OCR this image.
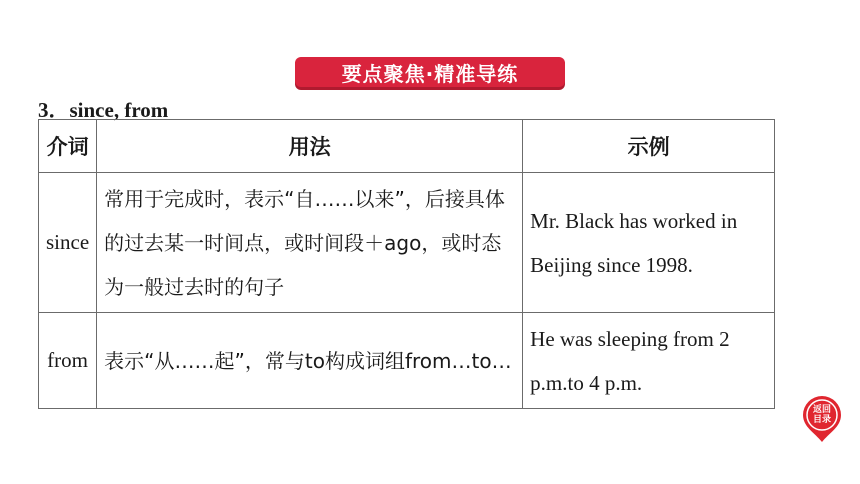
要点聚焦·精准导练
3．since, from
介词	用法	示例
since	常用于完成时，表示“自……以来”，后接具体的过去某一时间点，或时间段＋ago，或时态为一般过去时的句子	Mr. Black has worked in Beijing since 1998.
from	表示“从……起”，常与to构成词组from…to…	He was sleeping from 2 p.m.to 4 p.m.
返回
目录
